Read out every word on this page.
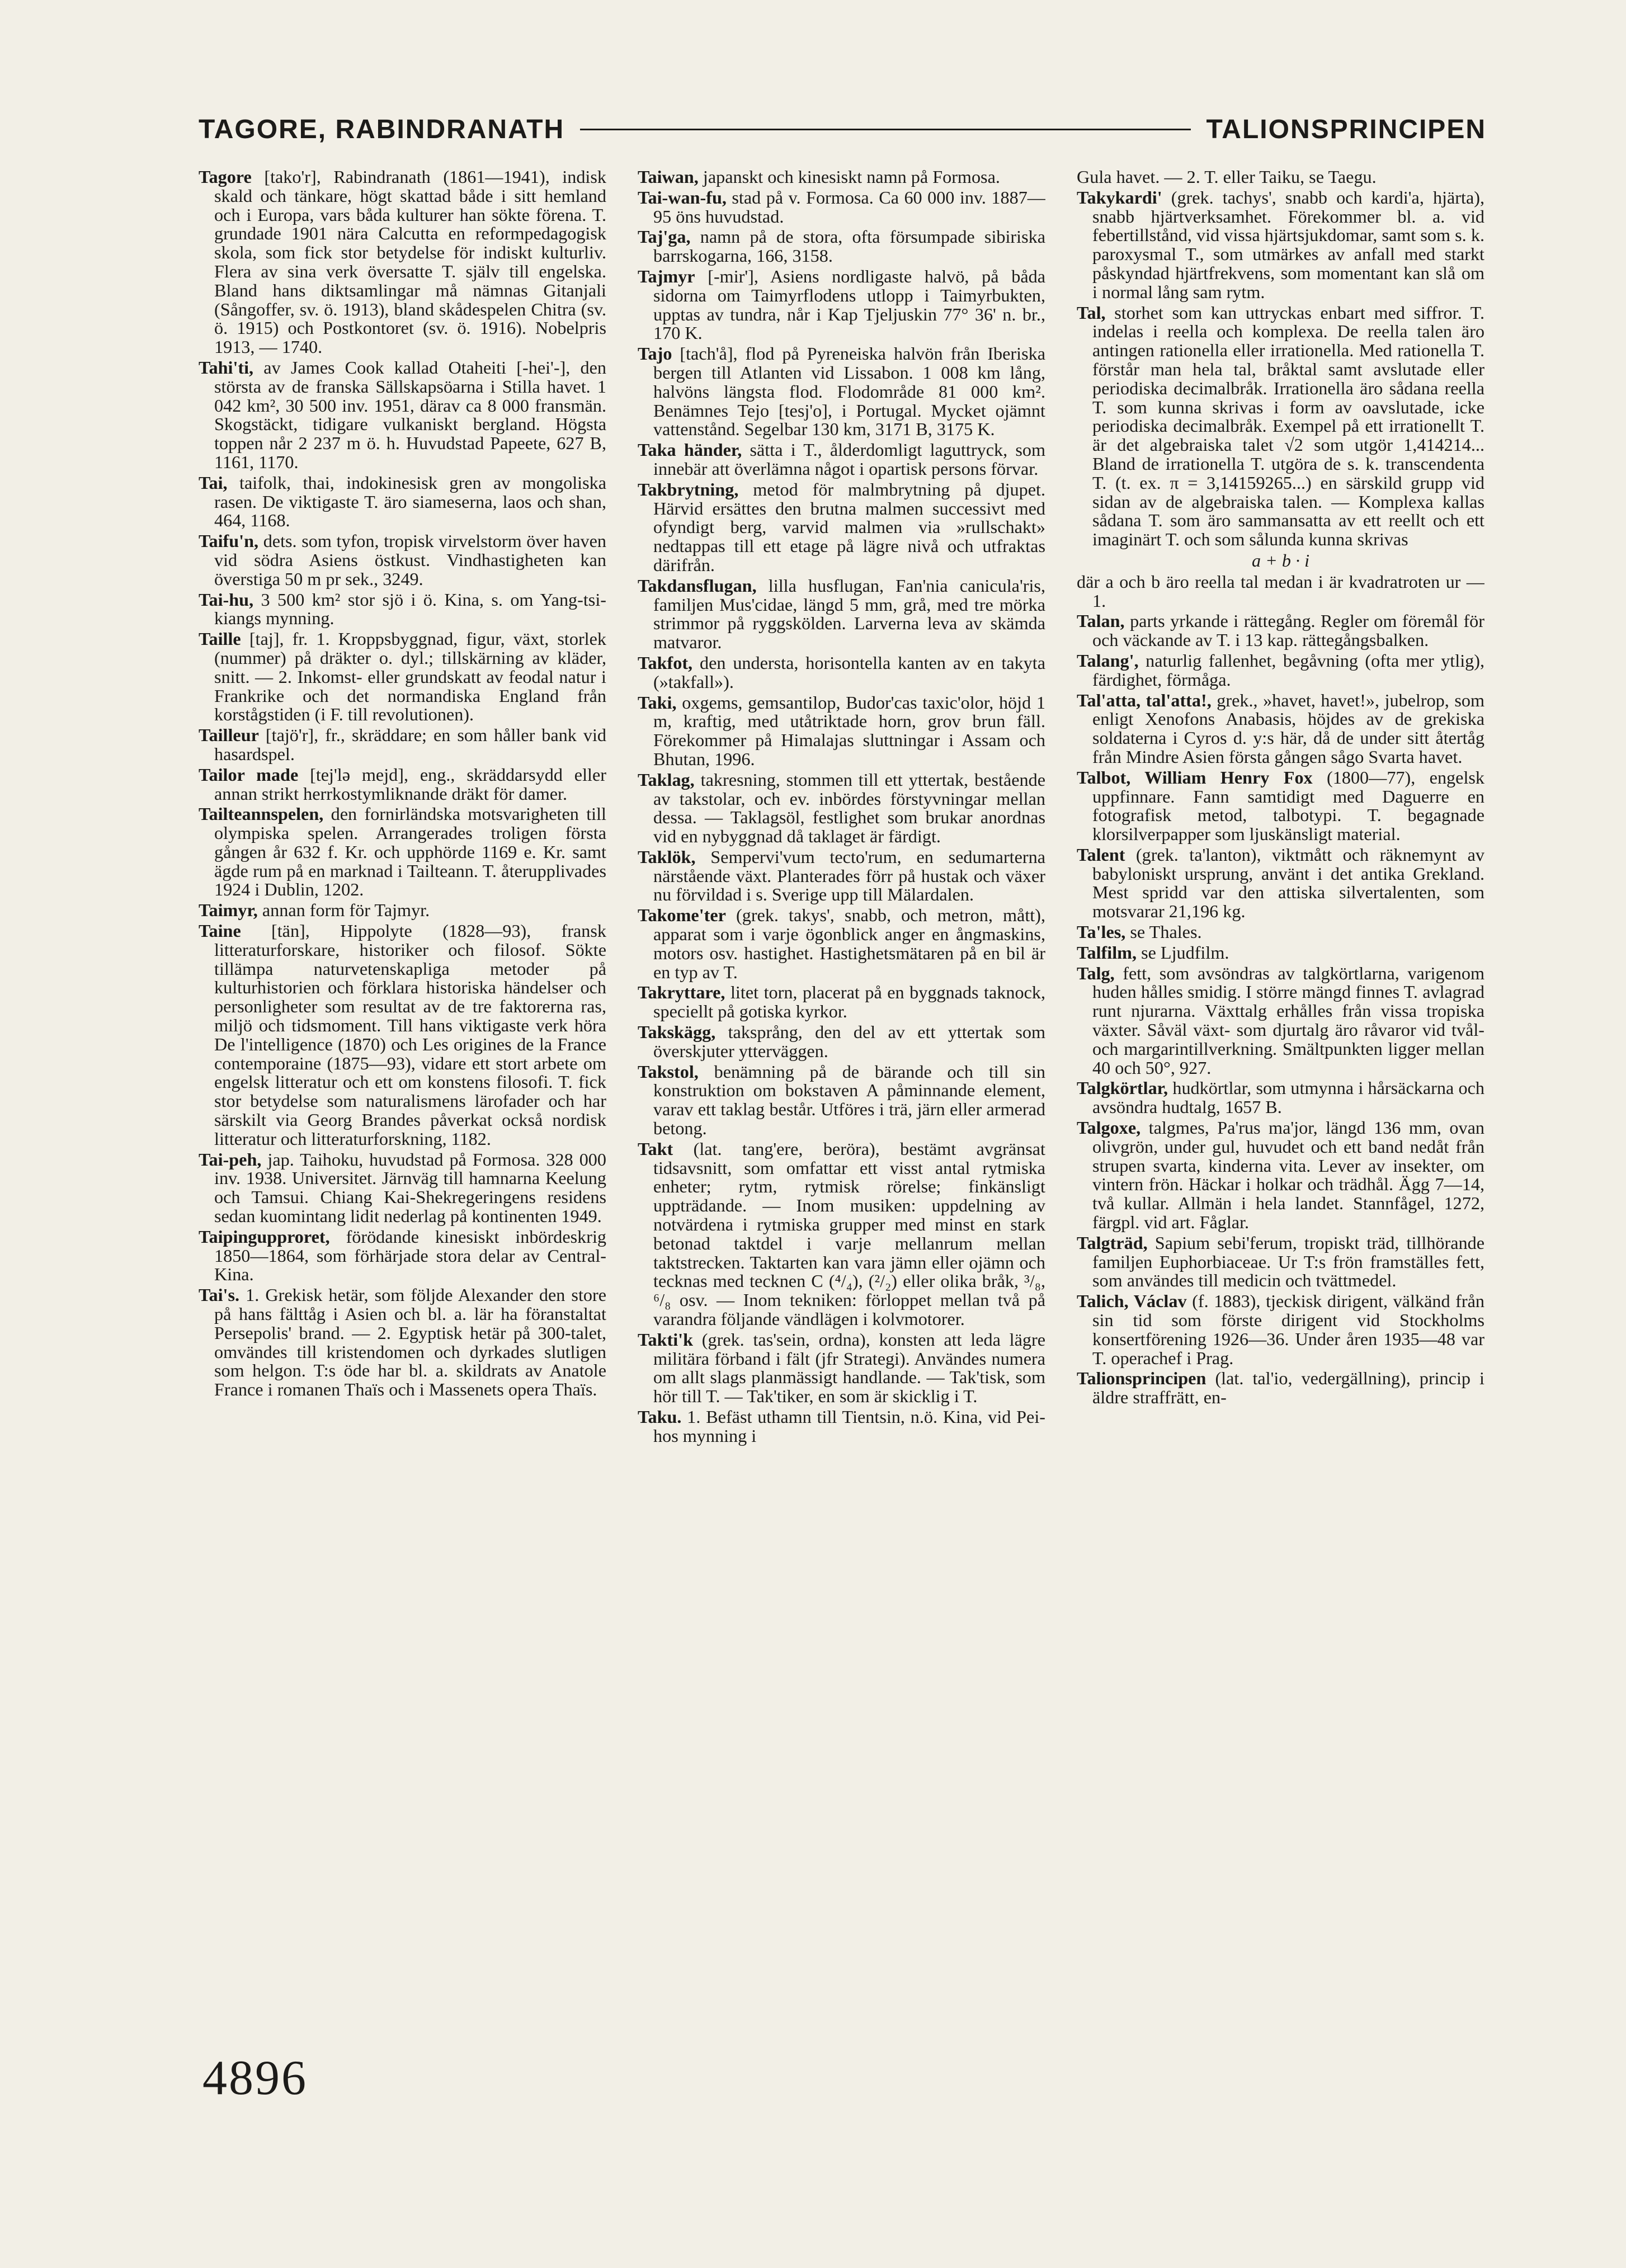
TAGORE, RABINDRANATH	TALIONSPRINCIPEN

Tagore [tako'r], Rabindranath (1861—1941), indisk skald och tänkare, högt skattad både i sitt hemland och i Europa, vars båda kulturer han sökte förena. T. grundade 1901 nära Calcutta en reformpedagogisk skola, som fick stor betydelse för indiskt kulturliv. Flera av sina verk översatte T. själv till engelska. Bland hans diktsamlingar må nämnas Gitanjali (Sångoffer, sv. ö. 1913), bland skådespelen Chitra (sv. ö. 1915) och Postkontoret (sv. ö. 1916). Nobelpris 1913, — 1740.

Tahi'ti, av James Cook kallad Otaheiti [-hei'-], den största av de franska Sällskapsöarna i Stilla havet. 1 042 km², 30 500 inv. 1951, därav ca 8 000 fransmän. Skogstäckt, tidigare vulkaniskt bergland. Högsta toppen når 2 237 m ö. h. Huvudstad Papeete, 627 B, 1161, 1170.

Tai, taifolk, thai, indokinesisk gren av mongoliska rasen. De viktigaste T. äro siameserna, laos och shan, 464, 1168.

Taifu'n, dets. som tyfon, tropisk virvelstorm över haven vid södra Asiens östkust. Vindhastigheten kan överstiga 50 m pr sek., 3249.

Tai-hu, 3 500 km² stor sjö i ö. Kina, s. om Yang-tsi-kiangs mynning.

Taille [taj], fr. 1. Kroppsbyggnad, figur, växt, storlek (nummer) på dräkter o. dyl.; tillskärning av kläder, snitt. — 2. Inkomst- eller grundskatt av feodal natur i Frankrike och det normandiska England från korstågstiden (i F. till revolutionen).

Tailleur [tajö'r], fr., skräddare; en som håller bank vid hasardspel.

Tailor made [tej'lə mejd], eng., skräddarsydd eller annan strikt herrkostymliknande dräkt för damer.

Tailteannspelen, den fornirländska motsvarigheten till olympiska spelen. Arrangerades troligen första gången år 632 f. Kr. och upphörde 1169 e. Kr. samt ägde rum på en marknad i Tailteann. T. återupplivades 1924 i Dublin, 1202.

Taimyr, annan form för Tajmyr.

Taine [tän], Hippolyte (1828—93), fransk litteraturforskare, historiker och filosof. Sökte tillämpa naturvetenskapliga metoder på kulturhistorien och förklara historiska händelser och personligheter som resultat av de tre faktorerna ras, miljö och tidsmoment. Till hans viktigaste verk höra De l'intelligence (1870) och Les origines de la France contemporaine (1875—93), vidare ett stort arbete om engelsk litteratur och ett om konstens filosofi. T. fick stor betydelse som naturalismens lärofader och har särskilt via Georg Brandes påverkat också nordisk litteratur och litteraturforskning, 1182.

Tai-peh, jap. Taihoku, huvudstad på Formosa. 328 000 inv. 1938. Universitet. Järnväg till hamnarna Keelung och Tamsui. Chiang Kai-Shekregeringens residens sedan kuomintang lidit nederlag på kontinenten 1949.

Taipingupproret, förödande kinesiskt inbördeskrig 1850—1864, som förhärjade stora delar av Central-Kina.

Tai's. 1. Grekisk hetär, som följde Alexander den store på hans fälttåg i Asien och bl. a. lär ha föranstaltat Persepolis' brand. — 2. Egyptisk hetär på 300-talet, omvändes till kristendomen och dyrkades slutligen som helgon. T:s öde har bl. a. skildrats av Anatole France i romanen Thaïs och i Massenets opera Thaïs.

Taiwan, japanskt och kinesiskt namn på Formosa.

Tai-wan-fu, stad på v. Formosa. Ca 60 000 inv. 1887—95 öns huvudstad.

Taj'ga, namn på de stora, ofta försumpade sibiriska barrskogarna, 166, 3158.

Tajmyr [-mir'], Asiens nordligaste halvö, på båda sidorna om Taimyrflodens utlopp i Taimyrbukten, upptas av tundra, når i Kap Tjeljuskin 77° 36' n. br., 170 K.

Tajo [tach'å], flod på Pyreneiska halvön från Iberiska bergen till Atlanten vid Lissabon. 1 008 km lång, halvöns längsta flod. Flodområde 81 000 km². Benämnes Tejo [tesj'o], i Portugal. Mycket ojämnt vattenstånd. Segelbar 130 km, 3171 B, 3175 K.

Taka händer, sätta i T., ålderdomligt laguttryck, som innebär att överlämna något i opartisk persons förvar.

Takbrytning, metod för malmbrytning på djupet. Härvid ersättes den brutna malmen successivt med ofyndigt berg, varvid malmen via »rullschakt» nedtappas till ett etage på lägre nivå och utfraktas därifrån.

Takdansflugan, lilla husflugan, Fan'nia canicula'ris, familjen Mus'cidae, längd 5 mm, grå, med tre mörka strimmor på ryggskölden. Larverna leva av skämda matvaror.

Takfot, den understa, horisontella kanten av en takyta (»takfall»).

Taki, oxgems, gemsantilop, Budor'cas taxic'olor, höjd 1 m, kraftig, med utåtriktade horn, grov brun fäll. Förekommer på Himalajas sluttningar i Assam och Bhutan, 1996.

Taklag, takresning, stommen till ett yttertak, bestående av takstolar, och ev. inbördes förstyvningar mellan dessa. — Taklagsöl, festlighet som brukar anordnas vid en nybyggnad då taklaget är färdigt.

Taklök, Sempervi'vum tecto'rum, en sedumarterna närstående växt. Planterades förr på hustak och växer nu förvildad i s. Sverige upp till Mälardalen.

Takome'ter (grek. takys', snabb, och metron, mått), apparat som i varje ögonblick anger en ångmaskins, motors osv. hastighet. Hastighetsmätaren på en bil är en typ av T.

Takryttare, litet torn, placerat på en byggnads taknock, speciellt på gotiska kyrkor.

Takskägg, taksprång, den del av ett yttertak som överskjuter ytterväggen.

Takstol, benämning på de bärande och till sin konstruktion om bokstaven A påminnande element, varav ett taklag består. Utföres i trä, järn eller armerad betong.

Takt (lat. tang'ere, beröra), bestämt avgränsat tidsavsnitt, som omfattar ett visst antal rytmiska enheter; rytm, rytmisk rörelse; finkänsligt uppträdande. — Inom musiken: uppdelning av notvärdena i rytmiska grupper med minst en stark betonad taktdel i varje mellanrum mellan taktstrecken. Taktarten kan vara jämn eller ojämn och tecknas med tecknen C (⁴/₄), (²/₂) eller olika bråk, ³/₈, ⁶/₈ osv. — Inom tekniken: förloppet mellan två på varandra följande vändlägen i kolvmotorer.

Takti'k (grek. tas'sein, ordna), konsten att leda lägre militära förband i fält (jfr Strategi). Användes numera om allt slags planmässigt handlande. — Tak'tisk, som hör till T. — Tak'tiker, en som är skicklig i T.

Taku. 1. Befäst uthamn till Tientsin, n.ö. Kina, vid Pei-hos mynning i

Gula havet. — 2. T. eller Taiku, se Taegu.

Takykardi' (grek. tachys', snabb och kardi'a, hjärta), snabb hjärtverksamhet. Förekommer bl. a. vid febertillstånd, vid vissa hjärtsjukdomar, samt som s. k. paroxysmal T., som utmärkes av anfall med starkt påskyndad hjärtfrekvens, som momentant kan slå om i normal lång sam rytm.

Tal, storhet som kan uttryckas enbart med siffror. T. indelas i reella och komplexa. De reella talen äro antingen rationella eller irrationella. Med rationella T. förstår man hela tal, bråktal samt avslutade eller periodiska decimalbråk. Irrationella äro sådana reella T. som kunna skrivas i form av oavslutade, icke periodiska decimalbråk. Exempel på ett irrationellt T. är det algebraiska talet √2 som utgör 1,414214... Bland de irrationella T. utgöra de s. k. transcendenta T. (t. ex. π = 3,14159265...) en särskild grupp vid sidan av de algebraiska talen. — Komplexa kallas sådana T. som äro sammansatta av ett reellt och ett imaginärt T. och som sålunda kunna skrivas

a + b · i

där a och b äro reella tal medan i är kvadratroten ur — 1.

Talan, parts yrkande i rättegång. Regler om föremål för och väckande av T. i 13 kap. rättegångsbalken.

Talang', naturlig fallenhet, begåvning (ofta mer ytlig), färdighet, förmåga.

Tal'atta, tal'atta!, grek., »havet, havet!», jubelrop, som enligt Xenofons Anabasis, höjdes av de grekiska soldaterna i Cyros d. y:s här, då de under sitt återtåg från Mindre Asien första gången sågo Svarta havet.

Talbot, William Henry Fox (1800—77), engelsk uppfinnare. Fann samtidigt med Daguerre en fotografisk metod, talbotypi. T. begagnade klorsilverpapper som ljuskänsligt material.

Talent (grek. ta'lanton), viktmått och räknemynt av babyloniskt ursprung, använt i det antika Grekland. Mest spridd var den attiska silvertalenten, som motsvarar 21,196 kg.

Ta'les, se Thales.

Talfilm, se Ljudfilm.

Talg, fett, som avsöndras av talgkörtlarna, varigenom huden hålles smidig. I större mängd finnes T. avlagrad runt njurarna. Växttalg erhålles från vissa tropiska växter. Såväl växt- som djurtalg äro råvaror vid tvål- och margarintillverkning. Smältpunkten ligger mellan 40 och 50°, 927.

Talgkörtlar, hudkörtlar, som utmynna i hårsäckarna och avsöndra hudtalg, 1657 B.

Talgoxe, talgmes, Pa'rus ma'jor, längd 136 mm, ovan olivgrön, under gul, huvudet och ett band nedåt från strupen svarta, kinderna vita. Lever av insekter, om vintern frön. Häckar i holkar och trädhål. Ägg 7—14, två kullar. Allmän i hela landet. Stannfågel, 1272, färgpl. vid art. Fåglar.

Talgträd, Sapium sebi'ferum, tropiskt träd, tillhörande familjen Euphorbiaceae. Ur T:s frön framställes fett, som användes till medicin och tvättmedel.

Talich, Václav (f. 1883), tjeckisk dirigent, välkänd från sin tid som förste dirigent vid Stockholms konsertförening 1926—36. Under åren 1935—48 var T. operachef i Prag.

Talionsprincipen (lat. tal'io, vedergällning), princip i äldre straffrätt, en-

4896
